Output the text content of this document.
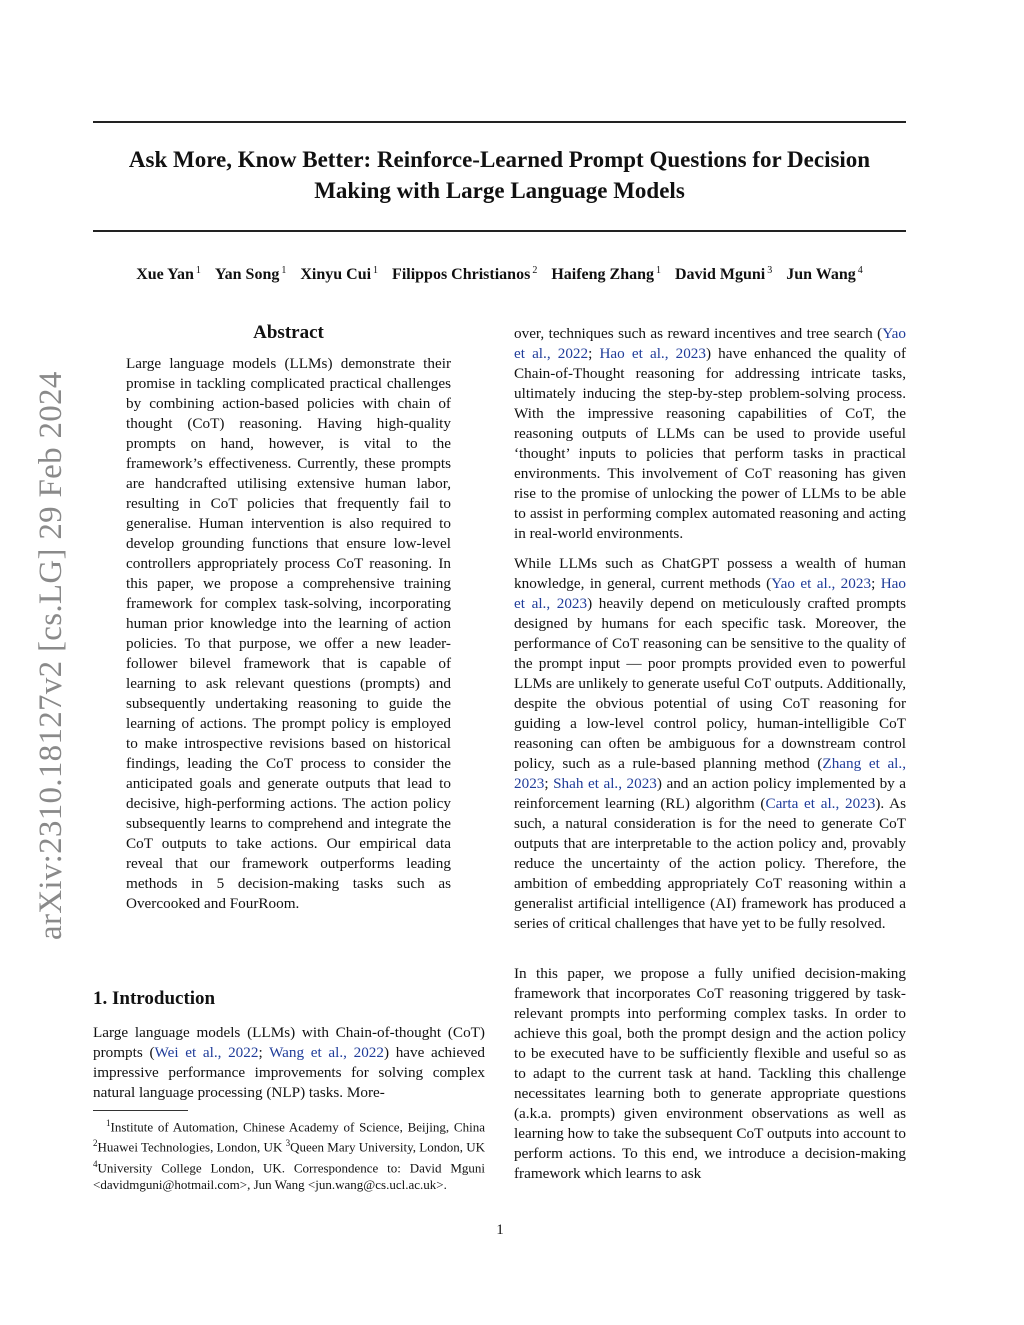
Ask More, Know Better: Reinforce-Learned Prompt Questions for Decision Making with Large Language Models
Xue Yan $^1$ Yan Song $^1$ Xinyu Cui $^1$ Filippos Christianos $^2$ Haifeng Zhang $^1$ David Mguni $^3$ Jun Wang $^4$
arXiv:2310.18127v2 [cs.LG] 29 Feb 2024
Abstract

Large language models (LLMs) demonstrate their promise in tackling complicated practical challenges by combining action-based policies with chain of thought (CoT) reasoning. Having high-quality prompts on hand, however, is vital to the framework’s effectiveness. Currently, these prompts are handcrafted utilising extensive human labor, resulting in CoT policies that frequently fail to generalise. Human intervention is also required to develop grounding functions that ensure low-level controllers appropriately process CoT reasoning. In this paper, we propose a comprehensive training framework for complex task-solving, incorporating human prior knowledge into the learning of action policies. To that purpose, we offer a new leader-follower bilevel framework that is capable of learning to ask relevant questions (prompts) and subsequently undertaking reasoning to guide the learning of actions. The prompt policy is employed to make introspective revisions based on historical findings, leading the CoT process to consider the anticipated goals and generate outputs that lead to decisive, high-performing actions. The action policy subsequently learns to comprehend and integrate the CoT outputs to take actions. Our empirical data reveal that our framework outperforms leading methods in 5 decision-making tasks such as Overcooked and FourRoom.

1. Introduction

Large language models (LLMs) with Chain-of-thought (CoT) prompts (Wei et al., 2022; Wang et al., 2022) have achieved impressive performance improvements for solving complex natural language processing (NLP) tasks. More-

 $^1$Institute of Automation, Chinese Academy of Science, Beijing, China $^2$Huawei Technologies, London, UK $^3$Queen Mary University, London, UK $^4$University College London, UK. Correspondence to: David Mguni <davidmguni@hotmail.com>, Jun Wang <jun.wang@cs.ucl.ac.uk>.

over, techniques such as reward incentives and tree search (Yao et al., 2022; Hao et al., 2023) have enhanced the quality of Chain-of-Thought reasoning for addressing intricate tasks, ultimately inducing the step-by-step problem-solving process. With the impressive reasoning capabilities of CoT, the reasoning outputs of LLMs can be used to provide useful ‘thought’ inputs to policies that perform tasks in practical environments. This involvement of CoT reasoning has given rise to the promise of unlocking the power of LLMs to be able to assist in performing complex automated reasoning and acting in real-world environments.

While LLMs such as ChatGPT possess a wealth of human knowledge, in general, current methods (Yao et al., 2023; Hao et al., 2023) heavily depend on meticulously crafted prompts designed by humans for each specific task. Moreover, the performance of CoT reasoning can be sensitive to the quality of the prompt input — poor prompts provided even to powerful LLMs are unlikely to generate useful CoT outputs. Additionally, despite the obvious potential of using CoT reasoning for guiding a low-level control policy, human-intelligible CoT reasoning can often be ambiguous for a downstream control policy, such as a rule-based planning method (Zhang et al., 2023; Shah et al., 2023) and an action policy implemented by a reinforcement learning (RL) algorithm (Carta et al., 2023). As such, a natural consideration is for the need to generate CoT outputs that are interpretable to the action policy and, provably reduce the uncertainty of the action policy. Therefore, the ambition of embedding appropriately CoT reasoning within a generalist artificial intelligence (AI) framework has produced a series of critical challenges that have yet to be fully resolved.

In this paper, we propose a fully unified decision-making framework that incorporates CoT reasoning triggered by task-relevant prompts into performing complex tasks. In order to achieve this goal, both the prompt design and the action policy to be executed have to be sufficiently flexible and useful so as to adapt to the current task at hand. Tackling this challenge necessitates learning both to generate appropriate questions (a.k.a. prompts) given environment observations as well as learning how to take the subsequent CoT outputs into account to perform actions. To this end, we introduce a decision-making framework which learns to ask

1
